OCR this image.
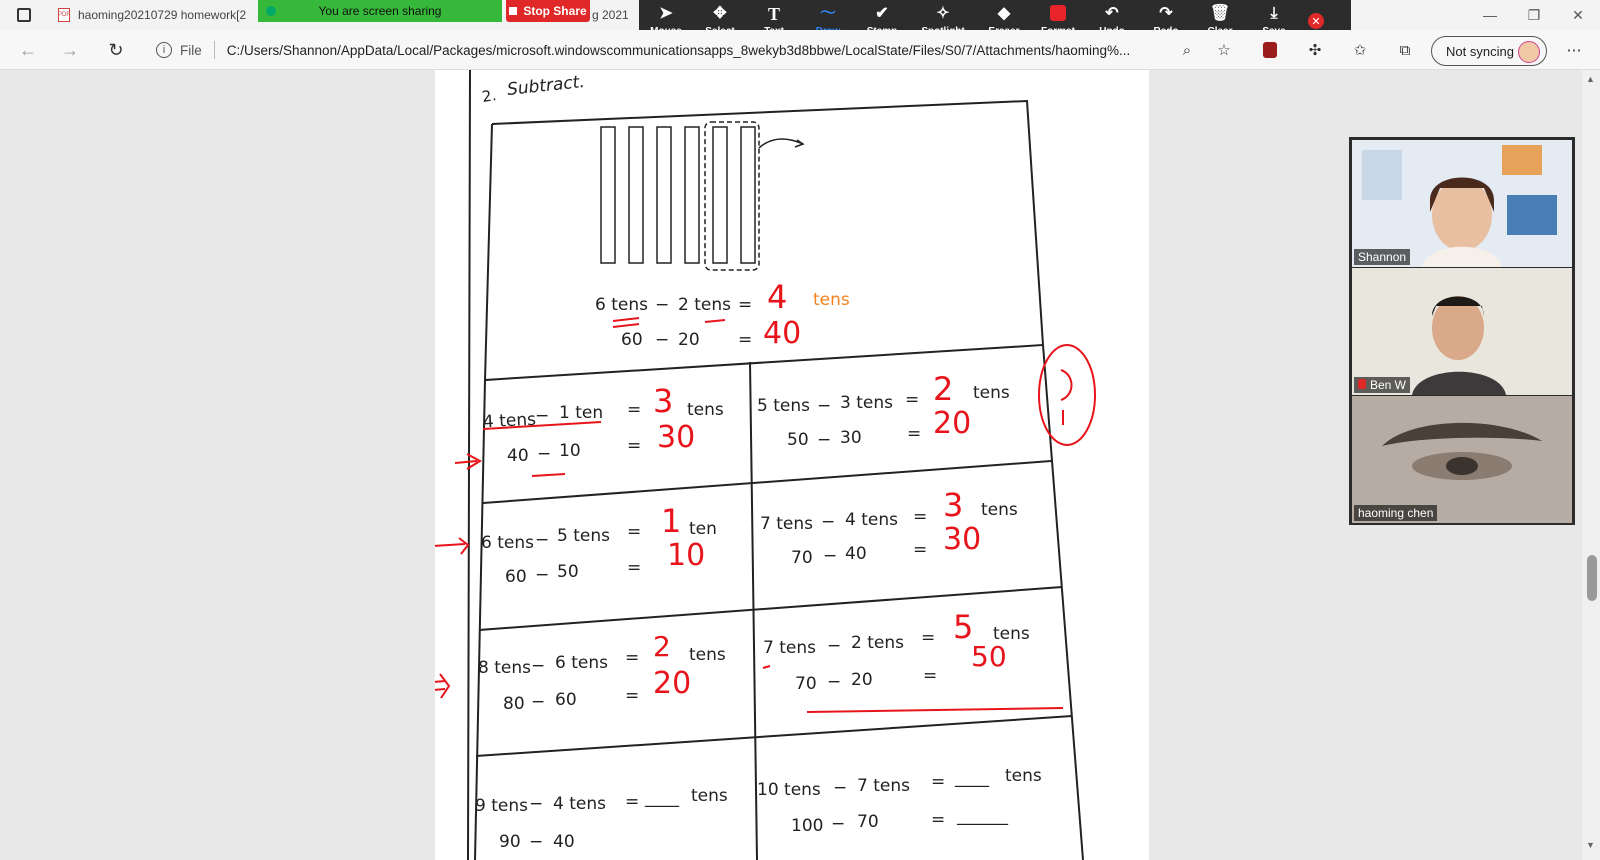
PDF haoming20210729 homework[2	g 2021	—	❐	✕
You are screen sharing	Stop Share	➤	✥ T 〜 ✔	✧	◆	↶	↷ 🗑	⤓	✕
← → ↻	i	File C:/Users/Shannon/AppData/Local/Packages/microsoft.windowscommunicationsapps_8wekyb3d8bbwe/LocalState/Files/S0/7/Attachments/haoming%...	⌕	☆	✣	✩	⧉	Not syncing	⋯
2. Subtract.
6 tens − 2 tens = 4 tens
60 − 20 = 40
4 tens
− 1 ten = 3 tens
40 − 10	= 30
5 tens − 3 tens = 2 tens
50 − 30	= 20
6 tens − 5 tens = 1 ten
60 − 50	= 10
7 tens − 4 tens = 3 tens
70 − 40	= 30
8 tens − 6 tens = 2 tens
80 − 60	= 20
7 tens − 2 tens = 5 tens
50
70 − 20	=
9 tens − 4 tens = ____ tens
90 − 40
10 tens − 7 tens = ____ tens
100 − 70	= ______
▲
▼
Shannon
Ben W
haoming chen
